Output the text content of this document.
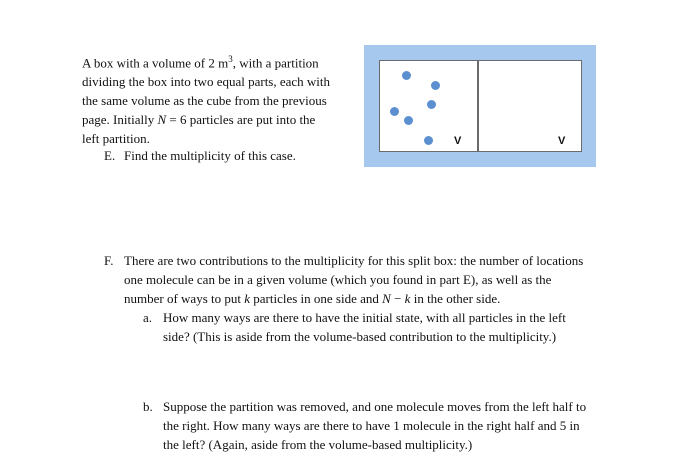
A box with a volume of 2 $m^3$, with a partition
dividing the box into two equal parts, each with
the same volume as the cube from the previous
page. Initially N = 6 particles are put into the
left partition.
E. Find the multiplicity of this case.
V	V
F. There are two contributions to the multiplicity for this split box: the number of locations
one molecule can be in a given volume (which you found in part E), as well as the
number of ways to put k particles in one side and N − k in the other side.
a. How many ways are there to have the initial state, with all particles in the left
side? (This is aside from the volume-based contribution to the multiplicity.)
b. Suppose the partition was removed, and one molecule moves from the left half to
the right. How many ways are there to have 1 molecule in the right half and 5 in
the left? (Again, aside from the volume-based multiplicity.)
